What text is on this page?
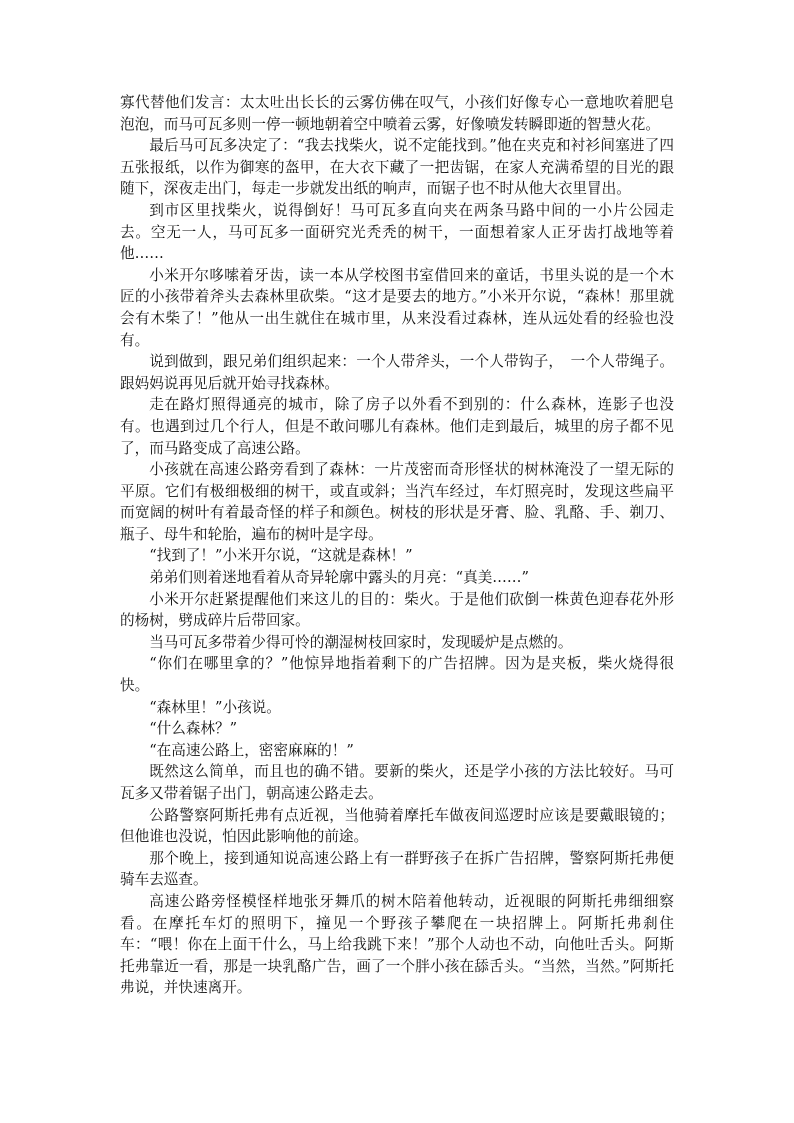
寡代替他们发言：太太吐出长长的云雾仿佛在叹气，小孩们好像专心一意地吹着肥皂泡泡，而马可瓦多则一停一顿地朝着空中喷着云雾，好像喷发转瞬即逝的智慧火花。

最后马可瓦多决定了：“我去找柴火，说不定能找到。”他在夹克和衬衫间塞进了四五张报纸，以作为御寒的盔甲，在大衣下藏了一把齿锯，在家人充满希望的目光的跟随下，深夜走出门，每走一步就发出纸的响声，而锯子也不时从他大衣里冒出。

到市区里找柴火，说得倒好！马可瓦多直向夹在两条马路中间的一小片公园走去。空无一人，马可瓦多一面研究光秃秃的树干，一面想着家人正牙齿打战地等着他……

小米开尔哆嗦着牙齿，读一本从学校图书室借回来的童话，书里头说的是一个木匠的小孩带着斧头去森林里砍柴。“这才是要去的地方。”小米开尔说，“森林！那里就会有木柴了！”他从一出生就住在城市里，从来没看过森林，连从远处看的经验也没有。

说到做到，跟兄弟们组织起来：一个人带斧头，一个人带钩子，　一个人带绳子。跟妈妈说再见后就开始寻找森林。

走在路灯照得通亮的城市，除了房子以外看不到别的：什么森林，连影子也没有。也遇到过几个行人，但是不敢问哪儿有森林。他们走到最后，城里的房子都不见了，而马路变成了高速公路。

小孩就在高速公路旁看到了森林：一片茂密而奇形怪状的树林淹没了一望无际的平原。它们有极细极细的树干，或直或斜；当汽车经过，车灯照亮时，发现这些扁平而宽阔的树叶有着最奇怪的样子和颜色。树枝的形状是牙膏、脸、乳酪、手、剃刀、瓶子、母牛和轮胎，遍布的树叶是字母。

“找到了！”小米开尔说，“这就是森林！”

弟弟们则着迷地看着从奇异轮廓中露头的月亮：“真美……”

小米开尔赶紧提醒他们来这儿的目的：柴火。于是他们砍倒一株黄色迎春花外形的杨树，劈成碎片后带回家。

当马可瓦多带着少得可怜的潮湿树枝回家时，发现暖炉是点燃的。

“你们在哪里拿的？”他惊异地指着剩下的广告招牌。因为是夹板，柴火烧得很快。

“森林里！”小孩说。

“什么森林？”

“在高速公路上，密密麻麻的！”

既然这么简单，而且也的确不错。要新的柴火，还是学小孩的方法比较好。马可瓦多又带着锯子出门，朝高速公路走去。

公路警察阿斯托弗有点近视，当他骑着摩托车做夜间巡逻时应该是要戴眼镜的；但他谁也没说，怕因此影响他的前途。

那个晚上，接到通知说高速公路上有一群野孩子在拆广告招牌，警察阿斯托弗便骑车去巡查。

高速公路旁怪模怪样地张牙舞爪的树木陪着他转动，近视眼的阿斯托弗细细察看。在摩托车灯的照明下，撞见一个野孩子攀爬在一块招牌上。阿斯托弗刹住车：“喂！你在上面干什么，马上给我跳下来！”那个人动也不动，向他吐舌头。阿斯托弗靠近一看，那是一块乳酪广告，画了一个胖小孩在舔舌头。“当然，当然。”阿斯托弗说，并快速离开。
